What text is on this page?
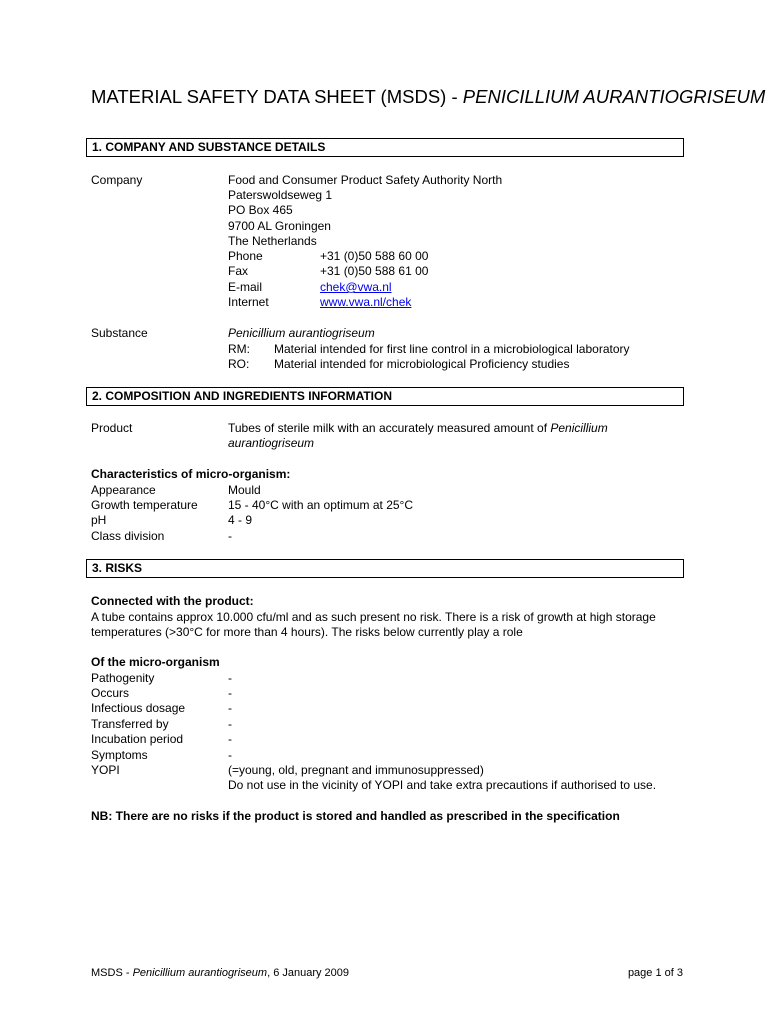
MATERIAL SAFETY DATA SHEET (MSDS) - PENICILLIUM AURANTIOGRISEUM
1. COMPANY AND SUBSTANCE DETAILS
Company	Food and Consumer Product Safety Authority North
Paterswoldseweg 1
PO Box 465
9700 AL Groningen
The Netherlands
Phone	+31 (0)50 588 60 00
Fax	+31 (0)50 588 61 00
E-mail	chek@vwa.nl
Internet	www.vwa.nl/chek
Substance	Penicillium aurantiogriseum
RM: Material intended for first line control in a microbiological laboratory
RO: Material intended for microbiological Proficiency studies
2. COMPOSITION AND INGREDIENTS INFORMATION
Product	Tubes of sterile milk with an accurately measured amount of Penicillium
aurantiogriseum
Characteristics of micro-organism:
Appearance	Mould
Growth temperature	15 - 40°C with an optimum at 25°C
pH	4 - 9
Class division	-
3. RISKS
Connected with the product:
A tube contains approx 10.000 cfu/ml and as such present no risk. There is a risk of growth at high storage
temperatures (>30°C for more than 4 hours). The risks below currently play a role
Of the micro-organism
Pathogenity	-
Occurs	-
Infectious dosage	-
Transferred by	-
Incubation period	-
Symptoms	-
YOPI	(=young, old, pregnant and immunosuppressed)
Do not use in the vicinity of YOPI and take extra precautions if authorised to use.
NB: There are no risks if the product is stored and handled as prescribed in the specification
MSDS - Penicillium aurantiogriseum, 6 January 2009	page 1 of 3
